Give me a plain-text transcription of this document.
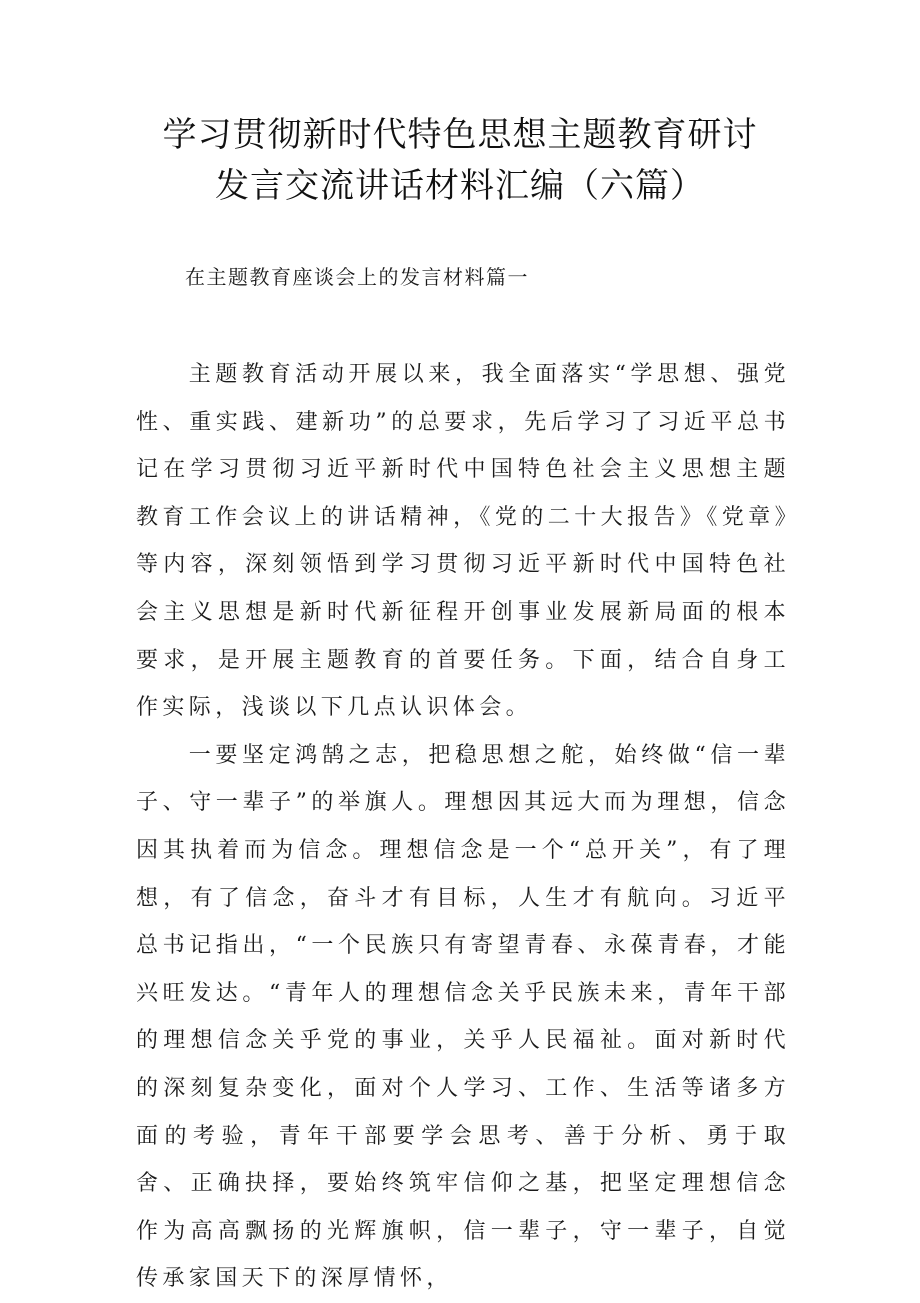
学习贯彻新时代特色思想主题教育研讨
发言交流讲话材料汇编（六篇）
在主题教育座谈会上的发言材料篇一

主题教育活动开展以来，我全面落实“学思想、强党性、重实践、建新功”的总要求，先后学习了习近平总书记在学习贯彻习近平新时代中国特色社会主义思想主题教育工作会议上的讲话精神，《党的二十大报告》《党章》等内容，深刻领悟到学习贯彻习近平新时代中国特色社会主义思想是新时代新征程开创事业发展新局面的根本要求，是开展主题教育的首要任务。下面，结合自身工作实际，浅谈以下几点认识体会。

一要坚定鸿鹄之志，把稳思想之舵，始终做“信一辈子、守一辈子”的举旗人。理想因其远大而为理想，信念因其执着而为信念。理想信念是一个“总开关”，有了理想，有了信念，奋斗才有目标，人生才有航向。习近平总书记指出，“一个民族只有寄望青春、永葆青春，才能兴旺发达。“青年人的理想信念关乎民族未来，青年干部的理想信念关乎党的事业，关乎人民福祉。面对新时代的深刻复杂变化，面对个人学习、工作、生活等诸多方面的考验，青年干部要学会思考、善于分析、勇于取舍、正确抉择，要始终筑牢信仰之基，把坚定理想信念作为高高飘扬的光辉旗帜，信一辈子，守一辈子，自觉传承家国天下的深厚情怀，
